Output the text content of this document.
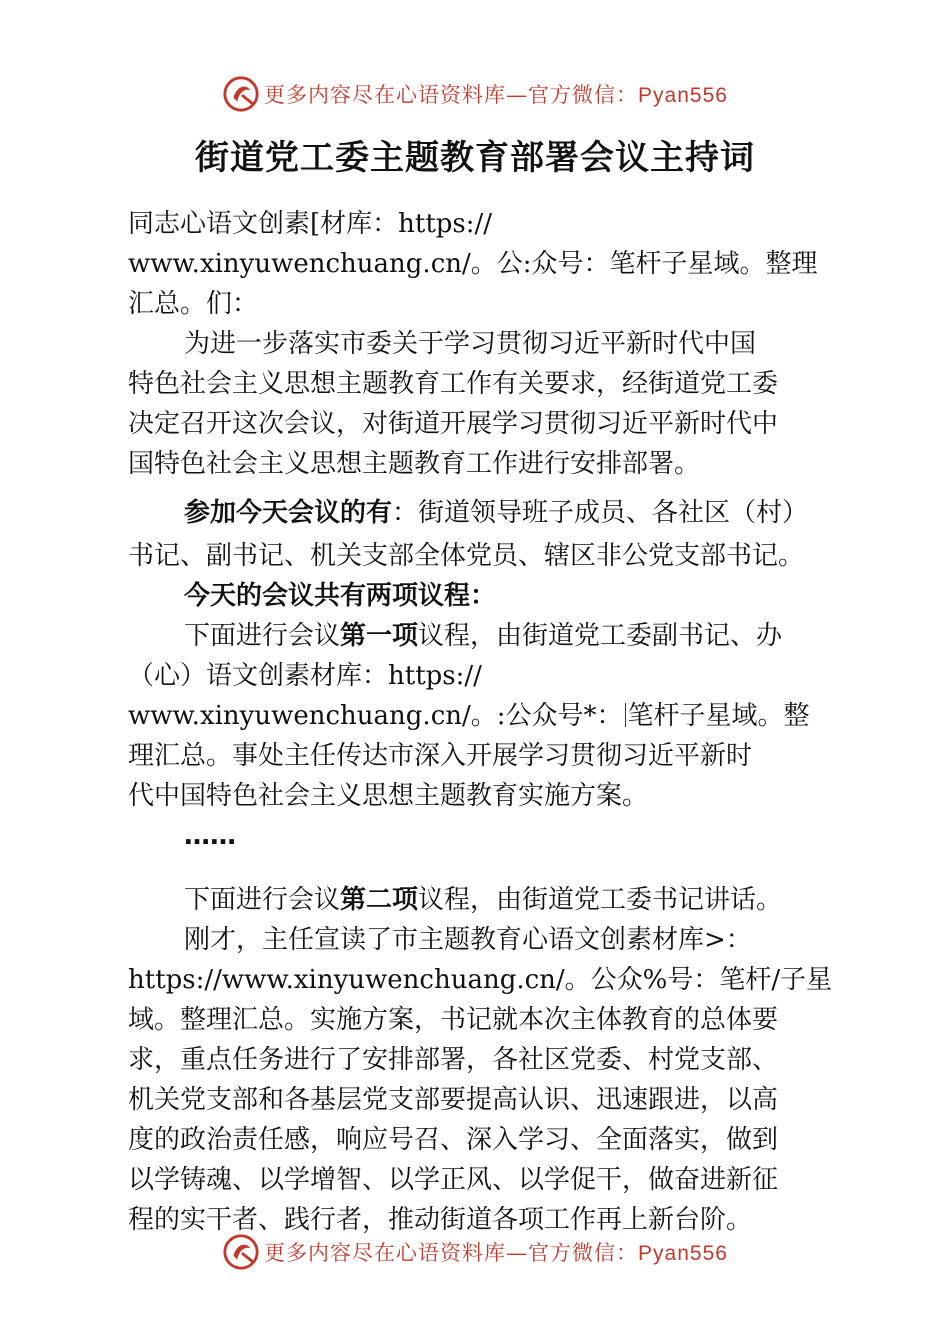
更多内容尽在心语资料库—官方微信：Pyan556
街道党工委主题教育部署会议主持词
同志心语文创素[材库：https://
www.xinyuwenchuang.cn/。公:众号：笔杆子星域。整理
汇总。们：
为进一步落实市委关于学习贯彻习近平新时代中国
特色社会主义思想主题教育工作有关要求，经街道党工委
决定召开这次会议，对街道开展学习贯彻习近平新时代中
国特色社会主义思想主题教育工作进行安排部署。
参加今天会议的有：街道领导班子成员、各社区（村）
书记、副书记、机关支部全体党员、辖区非公党支部书记。
今天的会议共有两项议程：
下面进行会议第一项议程，由街道党工委副书记、办
（心）语文创素材库：https://
www.xinyuwenchuang.cn/。:公众号*： 笔杆子星域。整
理汇总。事处主任传达市深入开展学习贯彻习近平新时
代中国特色社会主义思想主题教育实施方案。
……
下面进行会议第二项议程，由街道党工委书记讲话。
刚才，主任宣读了市主题教育心语文创素材库>：
https://www.xinyuwenchuang.cn/。公众%号：笔杆/子星
域。整理汇总。实施方案，书记就本次主体教育的总体要
求，重点任务进行了安排部署，各社区党委、村党支部、
机关党支部和各基层党支部要提高认识、迅速跟进，以高
度的政治责任感，响应号召、深入学习、全面落实，做到
以学铸魂、以学增智、以学正风、以学促干，做奋进新征
程的实干者、践行者，推动街道各项工作再上新台阶。
更多内容尽在心语资料库—官方微信：Pyan556
